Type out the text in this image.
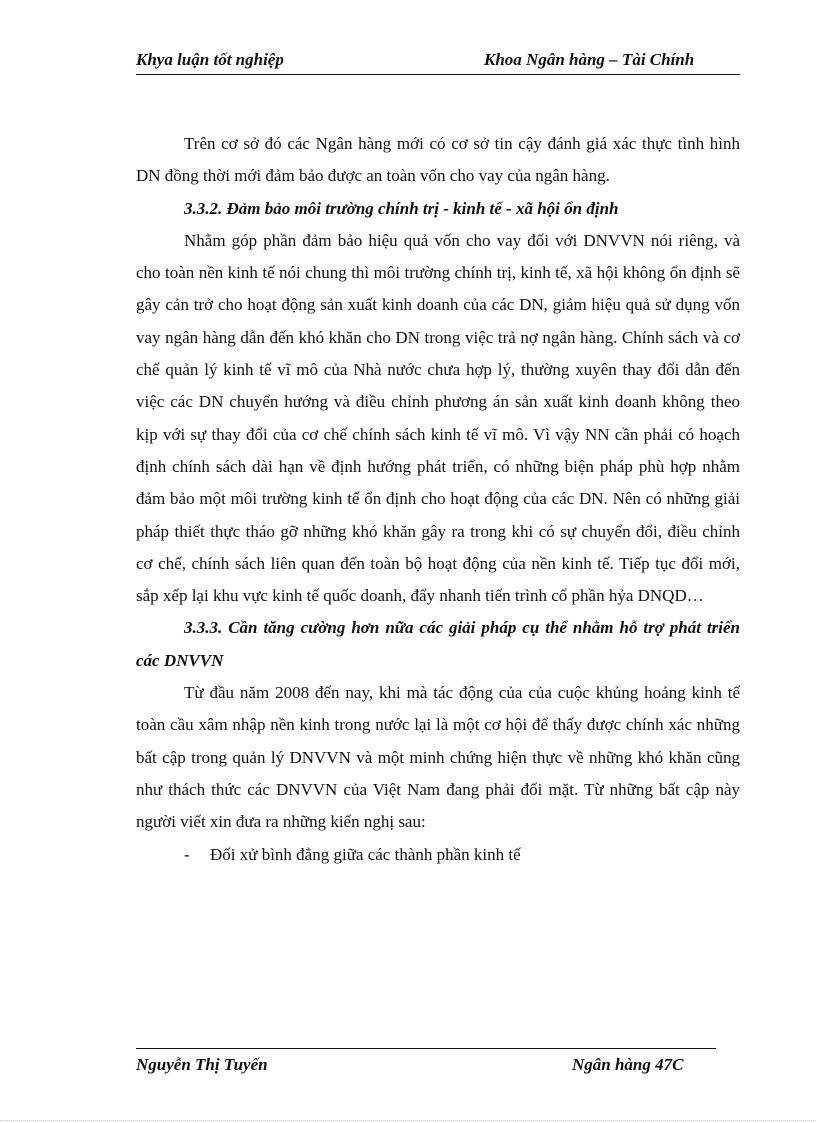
Khya luận tốt nghiệp	Khoa Ngân hàng – Tài Chính

Trên cơ sở đó các Ngân hàng mới có cơ sở tin cậy đánh giá xác thực tình hình DN đồng thời mới đảm bảo được an toàn vốn cho vay của ngân hàng.

3.3.2. Đảm bảo môi trường chính trị - kinh tế - xã hội ổn định

Nhằm góp phần đảm bảo hiệu quả vốn cho vay đối với DNVVN nói riêng, và cho toàn nền kinh tế nói chung thì môi trường chính trị, kinh tế, xã hội không ổn định sẽ gây cản trở cho hoạt động sản xuất kinh doanh của các DN, giảm hiệu quả sử dụng vốn vay ngân hàng dẫn đến khó khăn cho DN trong việc trả nợ ngân hàng. Chính sách và cơ chế quản lý kinh tế vĩ mô của Nhà nước chưa hợp lý, thường xuyên thay đổi dẫn đến việc các DN chuyển hướng và điều chỉnh phương án sản xuất kinh doanh không theo kịp với sự thay đổi của cơ chế chính sách kinh tế vĩ mô. Vì vậy NN cần phải có hoạch định chính sách dài hạn về định hướng phát triển, có những biện pháp phù hợp nhằm đảm bảo một môi trường kinh tế ổn định cho hoạt động của các DN. Nên có những giải pháp thiết thực tháo gỡ những khó khăn gây ra trong khi có sự chuyển đổi, điều chỉnh cơ chế, chính sách liên quan đến toàn bộ hoạt động của nền kinh tế. Tiếp tục đổi mới, sắp xếp lại khu vực kinh tế quốc doanh, đẩy nhanh tiến trình cổ phần hỷa DNQD…

3.3.3. Cần tăng cường hơn nữa các giải pháp cụ thể nhằm hỗ trợ phát triển các DNVVN

Từ đầu năm 2008 đến nay, khi mà tác động của của cuộc khủng hoảng kinh tế toàn cầu xâm nhập nền kinh trong nước lại là một cơ hội để thấy được chính xác những bất cập trong quản lý DNVVN và một minh chứng hiện thực về những khó khăn cũng như thách thức các DNVVN của Việt Nam đang phải đối mặt. Từ những bất cập này người viết xin đưa ra những kiến nghị sau:

- Đối xử bình đẳng giữa các thành phần kinh tế

Nguyễn Thị Tuyến	Ngân hàng 47C
